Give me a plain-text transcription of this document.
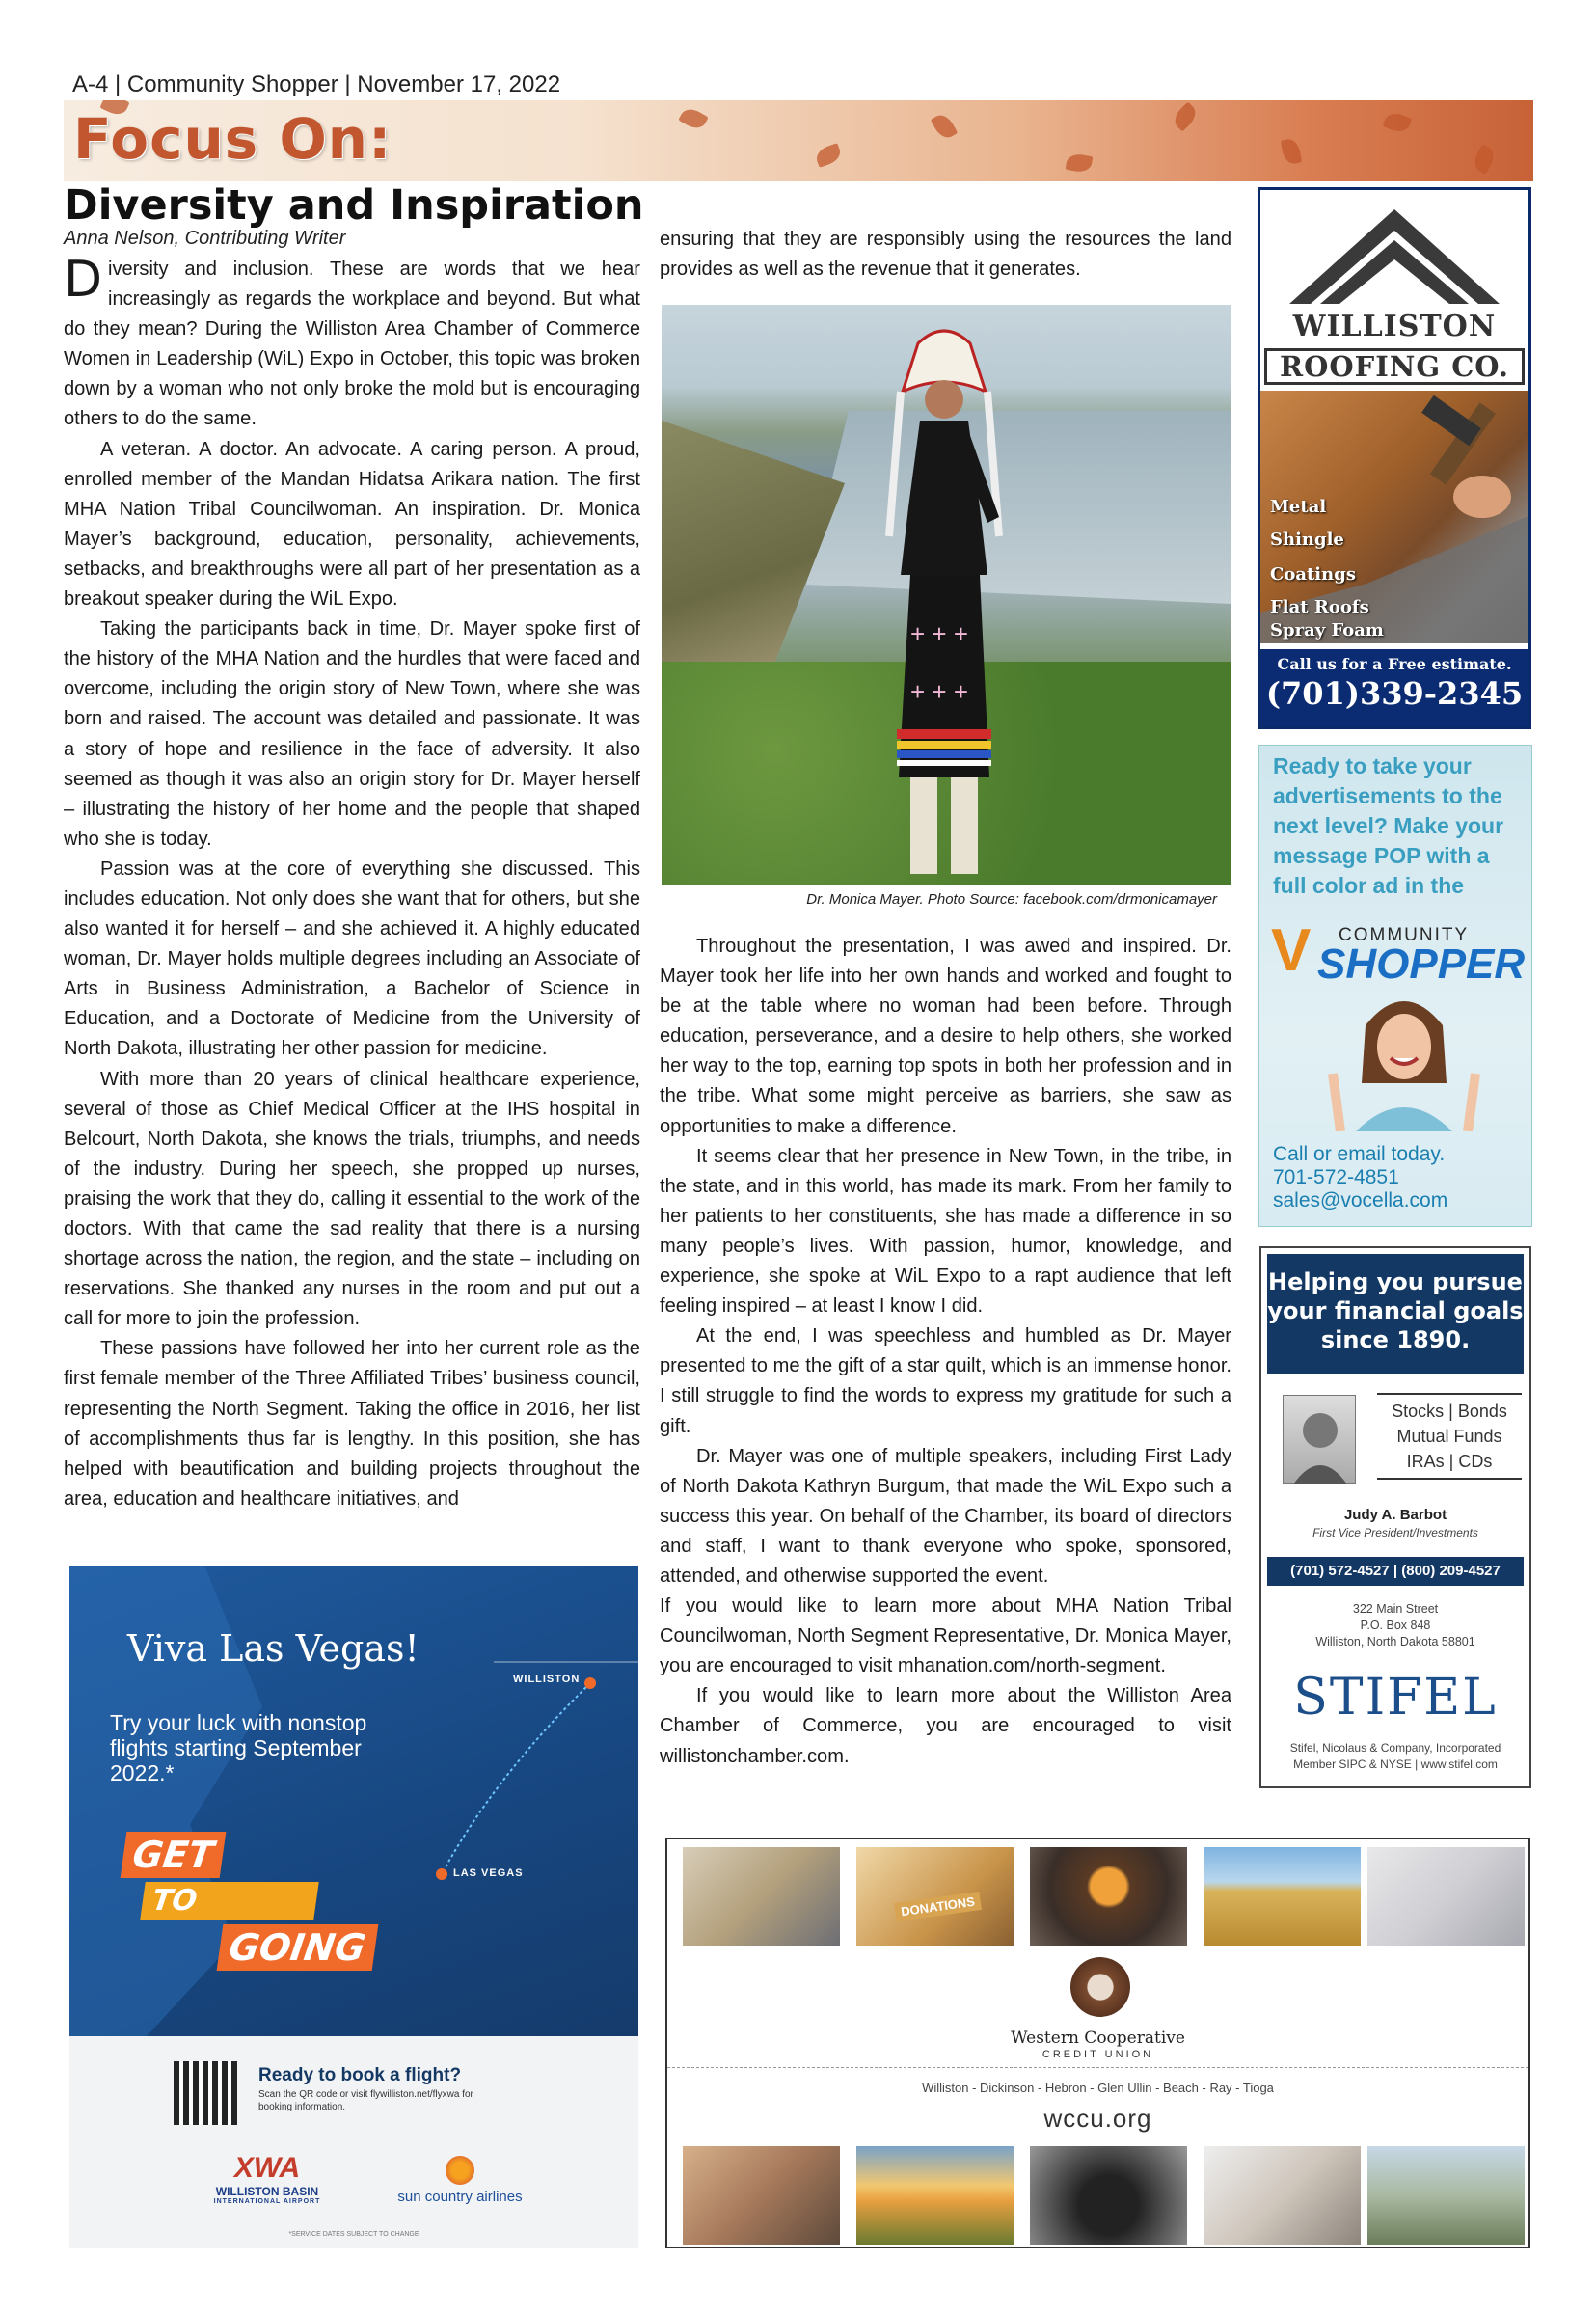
A-4 | Community Shopper | November 17, 2022
Focus On:
Diversity and Inspiration
Anna Nelson, Contributing Writer

Diversity and inclusion. These are words that we hear increasingly as regards the workplace and beyond. But what do they mean? During the Williston Area Chamber of Commerce Women in Leadership (WiL) Expo in October, this topic was broken down by a woman who not only broke the mold but is encouraging others to do the same.

A veteran. A doctor. An advocate. A caring person. A proud, enrolled member of the Mandan Hidatsa Arikara nation. The first MHA Nation Tribal Councilwoman. An inspiration. Dr. Monica Mayer’s background, education, personality, achievements, setbacks, and breakthroughs were all part of her presentation as a breakout speaker during the WiL Expo.

Taking the participants back in time, Dr. Mayer spoke first of the history of the MHA Nation and the hurdles that were faced and overcome, including the origin story of New Town, where she was born and raised. The account was detailed and passionate. It was a story of hope and resilience in the face of adversity. It also seemed as though it was also an origin story for Dr. Mayer herself – illustrating the history of her home and the people that shaped who she is today.

Passion was at the core of everything she discussed. This includes education. Not only does she want that for others, but she also wanted it for herself – and she achieved it. A highly educated woman, Dr. Mayer holds multiple degrees including an Associate of Arts in Business Administration, a Bachelor of Science in Education, and a Doctorate of Medicine from the University of North Dakota, illustrating her other passion for medicine.

With more than 20 years of clinical healthcare experience, several of those as Chief Medical Officer at the IHS hospital in Belcourt, North Dakota, she knows the trials, triumphs, and needs of the industry. During her speech, she propped up nurses, praising the work that they do, calling it essential to the work of the doctors. With that came the sad reality that there is a nursing shortage across the nation, the region, and the state – including on reservations. She thanked any nurses in the room and put out a call for more to join the profession.

These passions have followed her into her current role as the first female member of the Three Affiliated Tribes’ business council, representing the North Segment. Taking the office in 2016, her list of accomplishments thus far is lengthy. In this position, she has helped with beautification and building projects throughout the area, education and healthcare initiatives, and

ensuring that they are responsibly using the resources the land provides as well as the revenue that it generates.

+ + +
+ + +
Dr. Monica Mayer. Photo Source: facebook.com/drmonicamayer

Throughout the presentation, I was awed and inspired. Dr. Mayer took her life into her own hands and worked and fought to be at the table where no woman had been before. Through education, perseverance, and a desire to help others, she worked her way to the top, earning top spots in both her profession and in the tribe. What some might perceive as barriers, she saw as opportunities to make a difference.

It seems clear that her presence in New Town, in the tribe, in the state, and in this world, has made its mark. From her family to her patients to her constituents, she has made a difference in so many people’s lives. With passion, humor, knowledge, and experience, she spoke at WiL Expo to a rapt audience that left feeling inspired – at least I know I did.

At the end, I was speechless and humbled as Dr. Mayer presented to me the gift of a star quilt, which is an immense honor. I still struggle to find the words to express my gratitude for such a gift.

Dr. Mayer was one of multiple speakers, including First Lady of North Dakota Kathryn Burgum, that made the WiL Expo such a success this year. On behalf of the Chamber, its board of directors and staff, I want to thank everyone who spoke, sponsored, attended, and otherwise supported the event.

If you would like to learn more about MHA Nation Tribal Councilwoman, North Segment Representative, Dr. Monica Mayer, you are encouraged to visit mhanation.com/north-segment.

If you would like to learn more about the Williston Area Chamber of Commerce, you are encouraged to visit willistonchamber.com.

WILLISTON
ROOFING CO.
Metal
Shingle
Coatings
Flat Roofs
Spray Foam
Call us for a Free estimate.
(701)339-2345
Ready to take your advertisements to the next level? Make your message POP with a full color ad in the
V COMMUNITY
SHOPPER
Call or email today.
701-572-4851
sales@vocella.com
Helping you pursue your financial goals since 1890.
Stocks | Bonds
Mutual Funds
IRAs | CDs
Judy A. Barbot
First Vice President/Investments
(701) 572-4527 | (800) 209-4527
322 Main Street
P.O. Box 848
Williston, North Dakota 58801
STIFEL
Stifel, Nicolaus & Company, Incorporated
Member SIPC & NYSE | www.stifel.com
Viva Las Vegas!
Try your luck with nonstop flights starting September 2022.*
WILLISTON
LAS VEGAS
GET
TO
GOING
Ready to book a flight?
Scan the QR code or visit flywilliston.net/flyxwa for booking information.
XWA
WILLISTON BASIN
INTERNATIONAL AIRPORT	sun country airlines
*SERVICE DATES SUBJECT TO CHANGE
DONATIONS
Western Cooperative
CREDIT UNION
Williston - Dickinson - Hebron - Glen Ullin - Beach - Ray - Tioga
wccu.org
